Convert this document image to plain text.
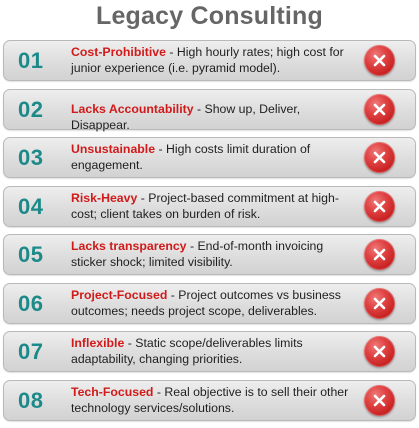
Legacy Consulting
01	Cost-Prohibitive - High hourly rates; high cost for junior experience (i.e. pyramid model).
02	Lacks Accountability - Show up, Deliver, Disappear.
03	Unsustainable - High costs limit duration of engagement.
04	Risk-Heavy - Project-based commitment at high-cost; client takes on burden of risk.
05	Lacks transparency - End-of-month invoicing sticker shock; limited visibility.
06	Project-Focused - Project outcomes vs business outcomes; needs project scope, deliverables.
07	Inflexible - Static scope/deliverables limits adaptability, changing priorities.
08	Tech-Focused - Real objective is to sell their other technology services/solutions.
